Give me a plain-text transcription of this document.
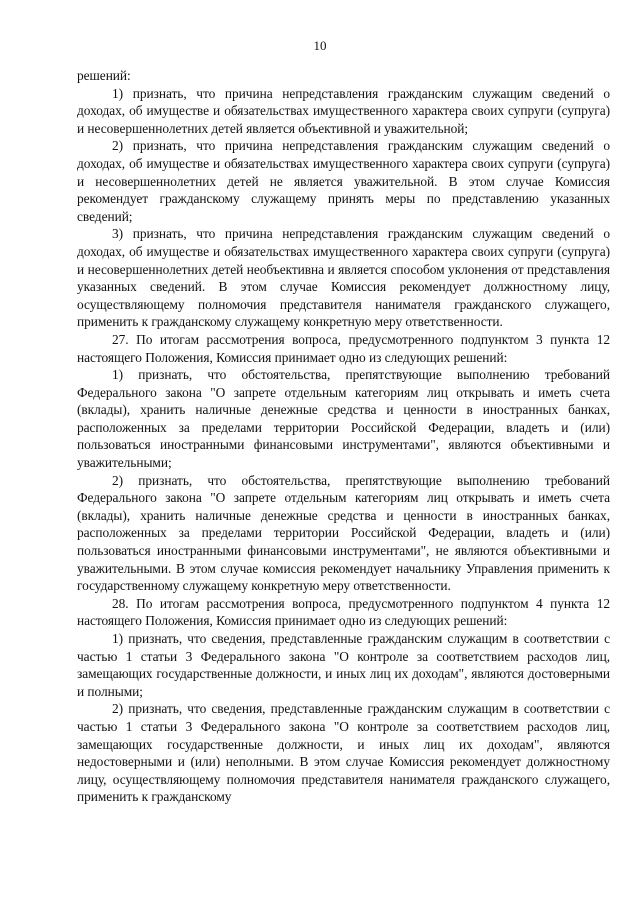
10

решений:

1) признать, что причина непредставления гражданским служащим сведений о доходах, об имуществе и обязательствах имущественного характера своих супруги (супруга) и несовершеннолетних детей является объективной и уважительной;

2) признать, что причина непредставления гражданским служащим сведений о доходах, об имуществе и обязательствах имущественного характера своих супруги (супруга) и несовершеннолетних детей не является уважительной. В этом случае Комиссия рекомендует гражданскому служащему принять меры по представлению указанных сведений;

3) признать, что причина непредставления гражданским служащим сведений о доходах, об имуществе и обязательствах имущественного характера своих супруги (супруга) и несовершеннолетних детей необъективна и является способом уклонения от представления указанных сведений. В этом случае Комиссия рекомендует должностному лицу, осуществляющему полномочия представителя нанимателя гражданского служащего, применить к гражданскому служащему конкретную меру ответственности.

27. По итогам рассмотрения вопроса, предусмотренного подпунктом 3 пункта 12 настоящего Положения, Комиссия принимает одно из следующих решений:

1) признать, что обстоятельства, препятствующие выполнению требований Федерального закона "О запрете отдельным категориям лиц открывать и иметь счета (вклады), хранить наличные денежные средства и ценности в иностранных банках, расположенных за пределами территории Российской Федерации, владеть и (или) пользоваться иностранными финансовыми инструментами", являются объективными и уважительными;

2) признать, что обстоятельства, препятствующие выполнению требований Федерального закона "О запрете отдельным категориям лиц открывать и иметь счета (вклады), хранить наличные денежные средства и ценности в иностранных банках, расположенных за пределами территории Российской Федерации, владеть и (или) пользоваться иностранными финансовыми инструментами", не являются объективными и уважительными. В этом случае комиссия рекомендует начальнику Управления применить к государственному служащему конкретную меру ответственности.

28. По итогам рассмотрения вопроса, предусмотренного подпунктом 4 пункта 12 настоящего Положения, Комиссия принимает одно из следующих решений:

1) признать, что сведения, представленные гражданским служащим в соответствии с частью 1 статьи 3 Федерального закона "О контроле за соответствием расходов лиц, замещающих государственные должности, и иных лиц их доходам", являются достоверными и полными;

2) признать, что сведения, представленные гражданским служащим в соответствии с частью 1 статьи 3 Федерального закона "О контроле за соответствием расходов лиц, замещающих государственные должности, и иных лиц их доходам", являются недостоверными и (или) неполными. В этом случае Комиссия рекомендует должностному лицу, осуществляющему полномочия представителя нанимателя гражданского служащего, применить к гражданскому
